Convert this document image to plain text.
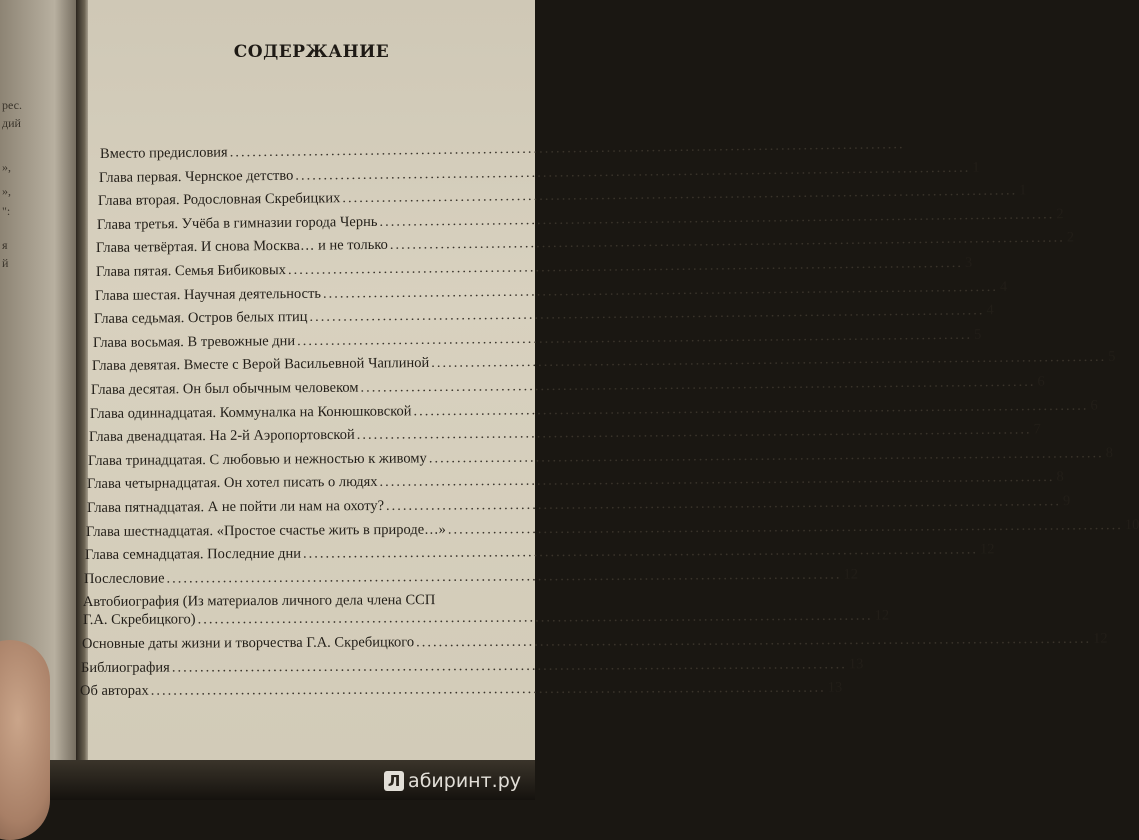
рес.
дий
»,
»,
":
я
й
СОДЕРЖАНИЕ
Вместо предисловия ........................................................................................................................
Глава первая. Чернское детство ........................................................................................................................ 1
Глава вторая. Родословная Скребицких ........................................................................................................................ 1
Глава третья. Учёба в гимназии города Чернь ........................................................................................................................ 2
Глава четвёртая. И снова Москва… и не только ........................................................................................................................ 2
Глава пятая. Семья Бибиковых ........................................................................................................................ 3
Глава шестая. Научная деятельность ........................................................................................................................ 4
Глава седьмая. Остров белых птиц ........................................................................................................................ 4
Глава восьмая. В тревожные дни ........................................................................................................................ 5
Глава девятая. Вместе с Верой Васильевной Чаплиной ........................................................................................................................ 5
Глава десятая. Он был обычным человеком ........................................................................................................................ 6
Глава одиннадцатая. Коммуналка на Конюшковской ........................................................................................................................ 6
Глава двенадцатая. На 2-й Аэропортовской ........................................................................................................................ 7
Глава тринадцатая. С любовью и нежностью к живому ........................................................................................................................ 8
Глава четырнадцатая. Он хотел писать о людях ........................................................................................................................ 8
Глава пятнадцатая. А не пойти ли нам на охоту? ........................................................................................................................ 9
Глава шестнадцатая. «Простое счастье жить в природе…» ........................................................................................................................ 10
Глава семнадцатая. Последние дни ........................................................................................................................ 12
Послесловие ........................................................................................................................ 12
Автобиография (Из материалов личного дела члена ССП
Г.А. Скребицкого) ........................................................................................................................ 12
Основные даты жизни и творчества Г.А. Скребицкого ........................................................................................................................ 12
Библиография ........................................................................................................................ 13
Об авторах ........................................................................................................................ 13
Л абиринт.ру
